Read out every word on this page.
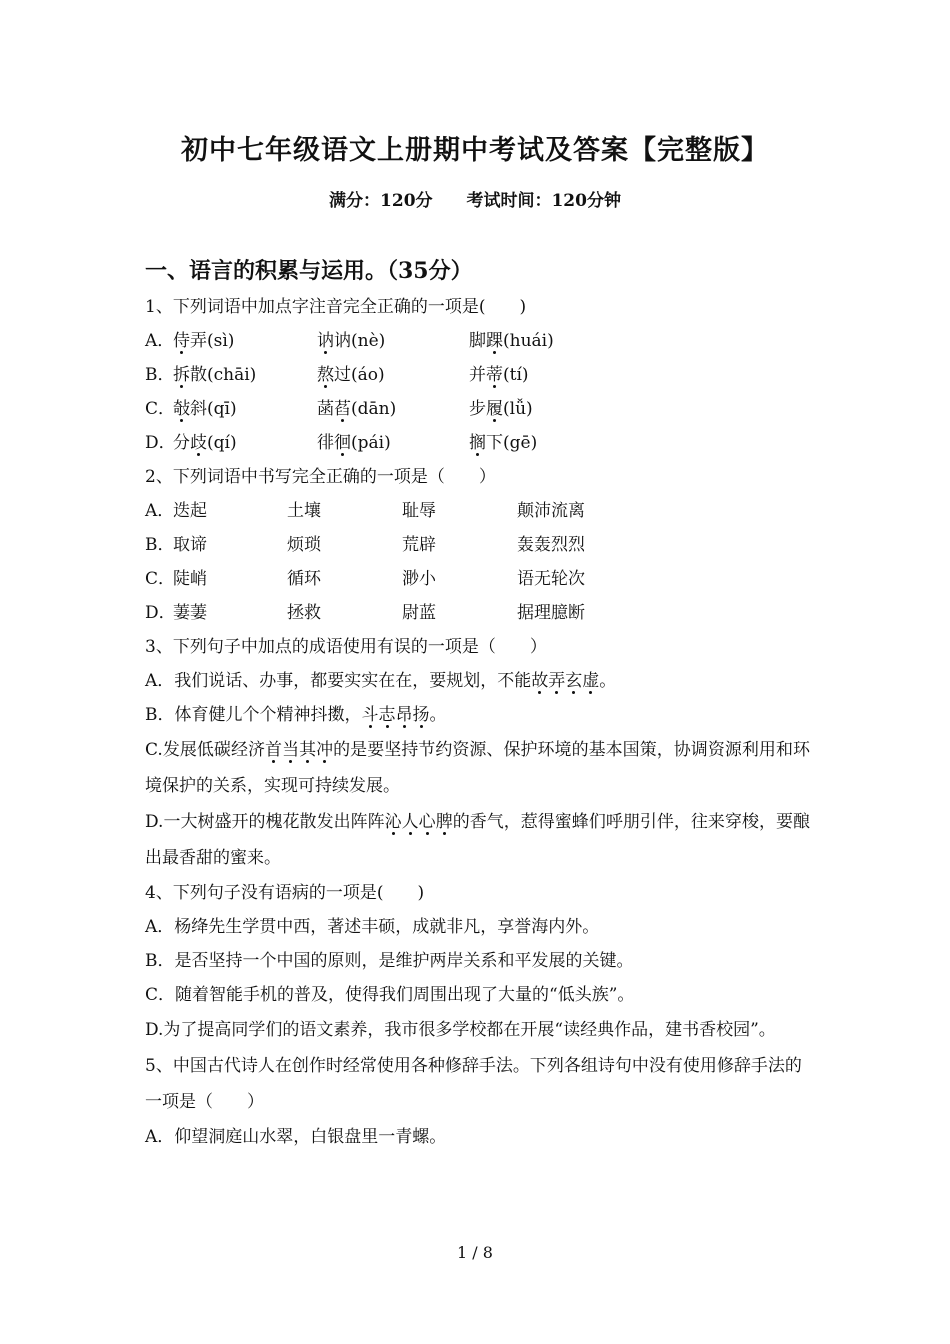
初中七年级语文上册期中考试及答案【完整版】
满分：120分 考试时间：120分钟
一、语言的积累与运用。（35分）
1、下列词语中加点字注音完全正确的一项是(　　)
A．侍弄(sì)	讷讷(nè)	脚踝(huái)
B．拆散(chāi)	熬过(áo)	并蒂(tí)
C．敧斜(qī)	菡萏(dān)	步履(lǚ)
D．分歧(qí)	徘徊(pái)	搁下(gē)
2、下列词语中书写完全正确的一项是（　　）
A．迭起	土壤	耻辱	颠沛流离
B．取谛	烦琐	荒辟	轰轰烈烈
C．陡峭	循环	渺小	语无轮次
D．萋萋	拯救	尉蓝	据理臆断
3、下列句子中加点的成语使用有误的一项是（　　）
A．我们说话、办事，都要实实在在，要规划，不能故弄玄虚。
B．体育健儿个个精神抖擞，斗志昂扬。
C.发展低碳经济首当其冲的是要坚持节约资源、保护环境的基本国策，协调资源利用和环境保护的关系，实现可持续发展。
D.一大树盛开的槐花散发出阵阵沁人心脾的香气，惹得蜜蜂们呼朋引伴，往来穿梭，要酿出最香甜的蜜来。
4、下列句子没有语病的一项是(　　)
A．杨绛先生学贯中西，著述丰硕，成就非凡，享誉海内外。
B．是否坚持一个中国的原则，是维护两岸关系和平发展的关键。
C．随着智能手机的普及，使得我们周围出现了大量的“低头族”。
D.为了提高同学们的语文素养，我市很多学校都在开展“读经典作品，建书香校园”。
5、中国古代诗人在创作时经常使用各种修辞手法。下列各组诗句中没有使用修辞手法的一项是（　　）
A．仰望洞庭山水翠，白银盘里一青螺。
1 / 8
